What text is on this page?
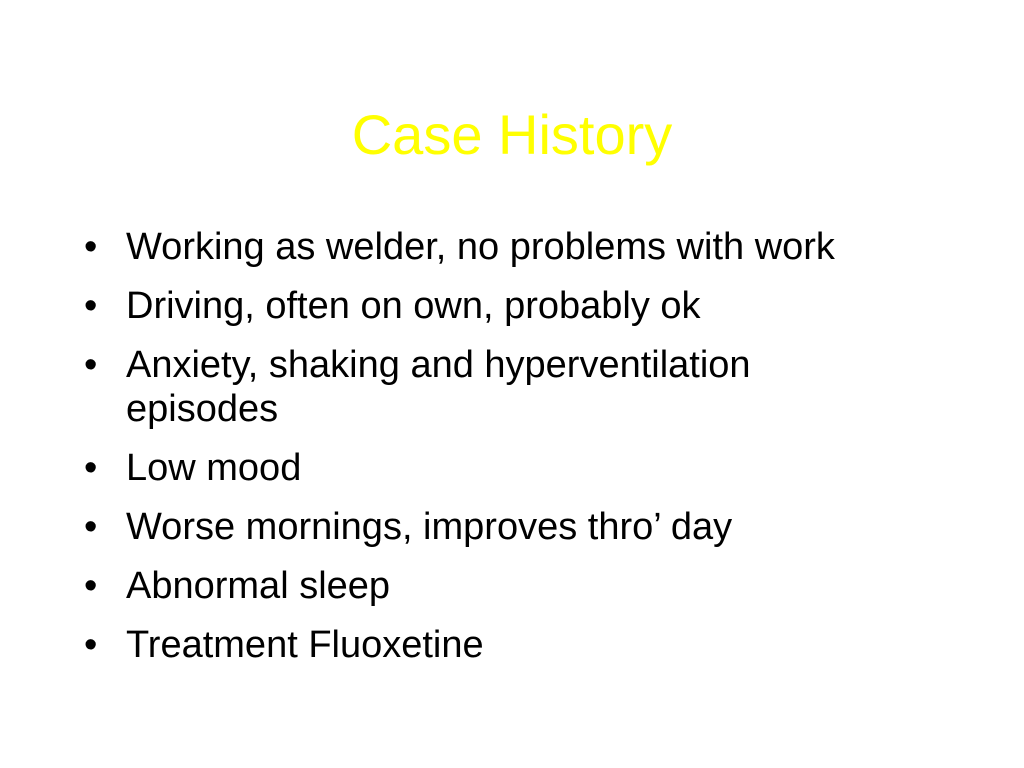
Case History
• Working as welder, no problems with work
• Driving, often on own, probably ok
• Anxiety, shaking and hyperventilation episodes
• Low mood
• Worse mornings, improves thro’ day
• Abnormal sleep
• Treatment Fluoxetine
